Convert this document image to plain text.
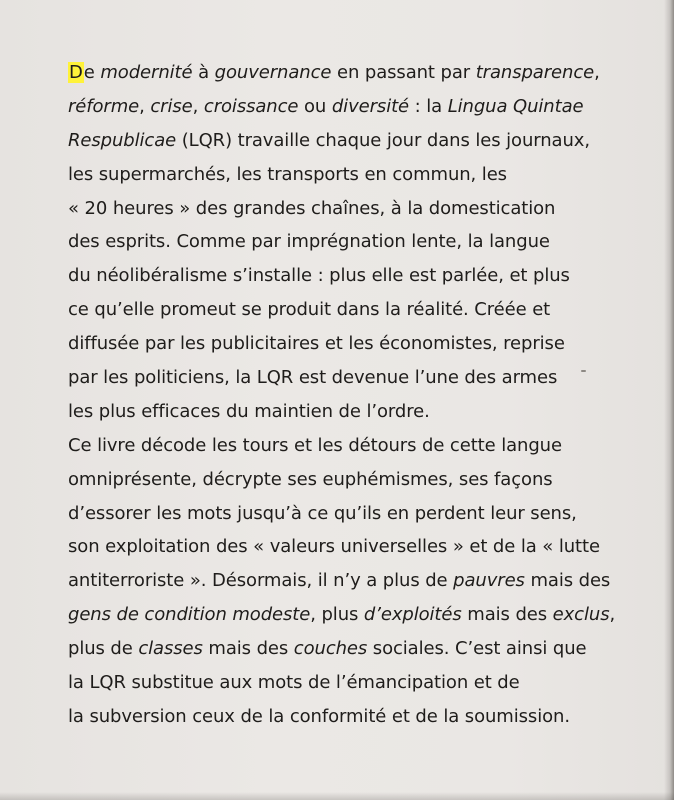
De modernité à gouvernance en passant par transparence,
réforme, crise, croissance ou diversité : la Lingua Quintae
Respublicae (LQR) travaille chaque jour dans les journaux,
les supermarchés, les transports en commun, les
« 20 heures » des grandes chaînes, à la domestication
des esprits. Comme par imprégnation lente, la langue
du néolibéralisme s’installe : plus elle est parlée, et plus
ce qu’elle promeut se produit dans la réalité. Créée et
diffusée par les publicitaires et les économistes, reprise
par les politiciens, la LQR est devenue l’une des armes
les plus efficaces du maintien de l’ordre.
Ce livre décode les tours et les détours de cette langue
omniprésente, décrypte ses euphémismes, ses façons
d’essorer les mots jusqu’à ce qu’ils en perdent leur sens,
son exploitation des « valeurs universelles » et de la « lutte
antiterroriste ». Désormais, il n’y a plus de pauvres mais des
gens de condition modeste, plus d’exploités mais des exclus,
plus de classes mais des couches sociales. C’est ainsi que
la LQR substitue aux mots de l’émancipation et de
la subversion ceux de la conformité et de la soumission.
